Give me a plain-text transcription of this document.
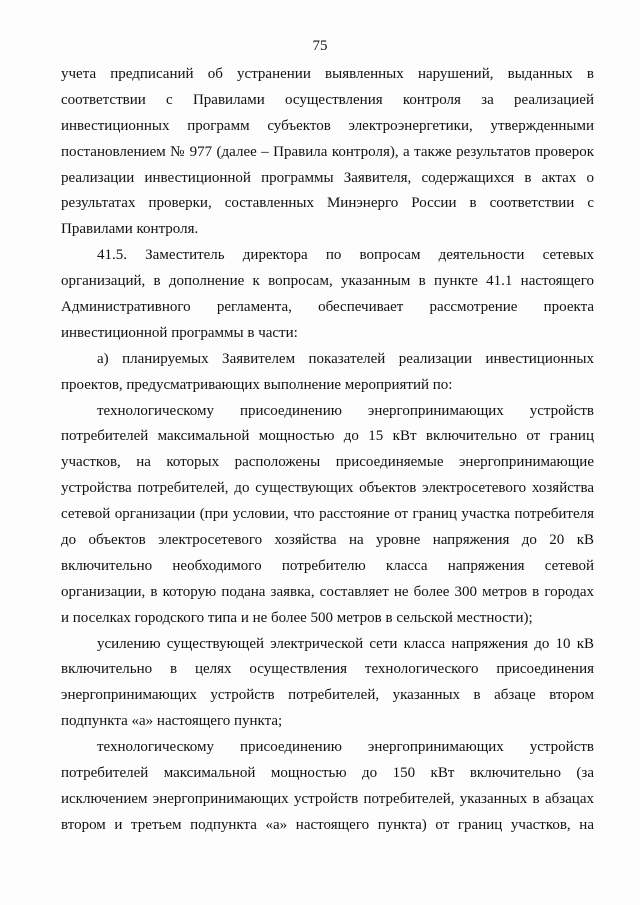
75
учета предписаний об устранении выявленных нарушений, выданных в
соответствии с Правилами осуществления контроля за реализацией
инвестиционных программ субъектов электроэнергетики, утвержденными
постановлением № 977 (далее – Правила контроля), а также результатов проверок
реализации инвестиционной программы Заявителя, содержащихся в актах о
результатах проверки, составленных Минэнерго России в соответствии с
Правилами контроля.
41.5. Заместитель директора по вопросам деятельности сетевых
организаций, в дополнение к вопросам, указанным в пункте 41.1 настоящего
Административного регламента, обеспечивает рассмотрение проекта
инвестиционной программы в части:
а) планируемых Заявителем показателей реализации инвестиционных
проектов, предусматривающих выполнение мероприятий по:
технологическому присоединению энергопринимающих устройств
потребителей максимальной мощностью до 15 кВт включительно от границ
участков, на которых расположены присоединяемые энергопринимающие
устройства потребителей, до существующих объектов электросетевого хозяйства
сетевой организации (при условии, что расстояние от границ участка потребителя
до объектов электросетевого хозяйства на уровне напряжения до 20 кВ
включительно необходимого потребителю класса напряжения сетевой
организации, в которую подана заявка, составляет не более 300 метров в городах
и поселках городского типа и не более 500 метров в сельской местности);
усилению существующей электрической сети класса напряжения до 10 кВ
включительно в целях осуществления технологического присоединения
энергопринимающих устройств потребителей, указанных в абзаце втором
подпункта «а» настоящего пункта;
технологическому присоединению энергопринимающих устройств
потребителей максимальной мощностью до 150 кВт включительно (за
исключением энергопринимающих устройств потребителей, указанных в абзацах
втором и третьем подпункта «а» настоящего пункта) от границ участков, на
